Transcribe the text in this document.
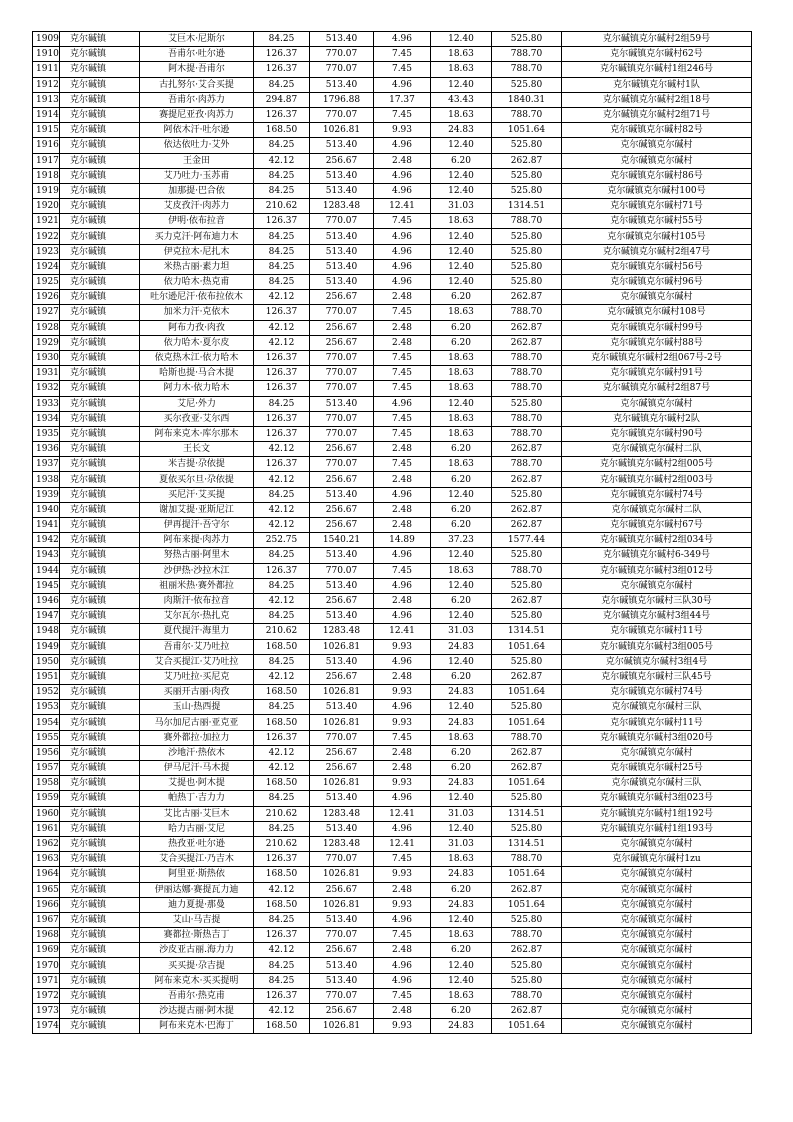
1909	克尔碱镇	艾巨木·尼斯尔	84.25	513.40	4.96	12.40	525.80	克尔碱镇克尔碱村2组59号
1910	克尔碱镇	吾甫尔·吐尔逊	126.37	770.07	7.45	18.63	788.70	克尔碱镇克尔碱村62号
1911	克尔碱镇	阿木提·吾甫尔	126.37	770.07	7.45	18.63	788.70	克尔碱镇克尔碱村1组246号
1912	克尔碱镇	古扎努尔·艾合买提	84.25	513.40	4.96	12.40	525.80	克尔碱镇克尔碱村1队
1913	克尔碱镇	吾甫尔·肉苏力	294.87	1796.88	17.37	43.43	1840.31	克尔碱镇克尔碱村2组18号
1914	克尔碱镇	赛提尼亚孜·肉苏力	126.37	770.07	7.45	18.63	788.70	克尔碱镇克尔碱村2组71号
1915	克尔碱镇	阿依木汗·吐尔逊	168.50	1026.81	9.93	24.83	1051.64	克尔碱镇克尔碱村82号
1916	克尔碱镇	依达依吐力·艾外	84.25	513.40	4.96	12.40	525.80	克尔碱镇克尔碱村
1917	克尔碱镇	王金田	42.12	256.67	2.48	6.20	262.87	克尔碱镇克尔碱村
1918	克尔碱镇	艾乃吐力·玉苏甫	84.25	513.40	4.96	12.40	525.80	克尔碱镇克尔碱村86号
1919	克尔碱镇	加那提·巴合依	84.25	513.40	4.96	12.40	525.80	克尔碱镇克尔碱村100号
1920	克尔碱镇	艾皮孜汗·肉苏力	210.62	1283.48	12.41	31.03	1314.51	克尔碱镇克尔碱村71号
1921	克尔碱镇	伊明·依布拉音	126.37	770.07	7.45	18.63	788.70	克尔碱镇克尔碱村55号
1922	克尔碱镇	买力克汗·阿布迪力木	84.25	513.40	4.96	12.40	525.80	克尔碱镇克尔碱村105号
1923	克尔碱镇	伊克拉木·尼扎木	84.25	513.40	4.96	12.40	525.80	克尔碱镇克尔碱村2组47号
1924	克尔碱镇	米热古丽·素力坦	84.25	513.40	4.96	12.40	525.80	克尔碱镇克尔碱村56号
1925	克尔碱镇	依力哈木·热克甫	84.25	513.40	4.96	12.40	525.80	克尔碱镇克尔碱村96号
1926	克尔碱镇	吐尔逊尼汗·依布拉依木	42.12	256.67	2.48	6.20	262.87	克尔碱镇克尔碱村
1927	克尔碱镇	加米力汗·克依木	126.37	770.07	7.45	18.63	788.70	克尔碱镇克尔碱村108号
1928	克尔碱镇	阿布力孜·肉孜	42.12	256.67	2.48	6.20	262.87	克尔碱镇克尔碱村99号
1929	克尔碱镇	依力哈木·夏尔皮	42.12	256.67	2.48	6.20	262.87	克尔碱镇克尔碱村88号
1930	克尔碱镇	依克热木江·依力哈木	126.37	770.07	7.45	18.63	788.70	克尔碱镇克尔碱村2组067号-2号
1931	克尔碱镇	哈斯也提·马合木提	126.37	770.07	7.45	18.63	788.70	克尔碱镇克尔碱村91号
1932	克尔碱镇	阿力木·依力哈木	126.37	770.07	7.45	18.63	788.70	克尔碱镇克尔碱村2组87号
1933	克尔碱镇	艾尼·外力	84.25	513.40	4.96	12.40	525.80	克尔碱镇克尔碱村
1934	克尔碱镇	买尔孜亚·艾尔西	126.37	770.07	7.45	18.63	788.70	克尔碱镇克尔碱村2队
1935	克尔碱镇	阿布来克木·库尔那木	126.37	770.07	7.45	18.63	788.70	克尔碱镇克尔碱村90号
1936	克尔碱镇	王长文	42.12	256.67	2.48	6.20	262.87	克尔碱镇克尔碱村二队
1937	克尔碱镇	米吉提·尕依提	126.37	770.07	7.45	18.63	788.70	克尔碱镇克尔碱村2组005号
1938	克尔碱镇	夏依买尔旦·尕依提	42.12	256.67	2.48	6.20	262.87	克尔碱镇克尔碱村2组003号
1939	克尔碱镇	买尼汗·艾买提	84.25	513.40	4.96	12.40	525.80	克尔碱镇克尔碱村74号
1940	克尔碱镇	谢加艾提·亚斯尼江	42.12	256.67	2.48	6.20	262.87	克尔碱镇克尔碱村二队
1941	克尔碱镇	伊再提汗·吾守尔	42.12	256.67	2.48	6.20	262.87	克尔碱镇克尔碱村67号
1942	克尔碱镇	阿布来提·肉苏力	252.75	1540.21	14.89	37.23	1577.44	克尔碱镇克尔碱村2组034号
1943	克尔碱镇	努热古丽·阿里木	84.25	513.40	4.96	12.40	525.80	克尔碱镇克尔碱村6-349号
1944	克尔碱镇	沙伊热·沙拉木江	126.37	770.07	7.45	18.63	788.70	克尔碱镇克尔碱村3组012号
1945	克尔碱镇	祖丽米热·赛外都拉	84.25	513.40	4.96	12.40	525.80	克尔碱镇克尔碱村
1946	克尔碱镇	肉斯汗·依布拉音	42.12	256.67	2.48	6.20	262.87	克尔碱镇克尔碱村三队30号
1947	克尔碱镇	艾尔瓦尔·热扎克	84.25	513.40	4.96	12.40	525.80	克尔碱镇克尔碱村3组44号
1948	克尔碱镇	夏代提汗·海里力	210.62	1283.48	12.41	31.03	1314.51	克尔碱镇克尔碱村11号
1949	克尔碱镇	吾甫尔·艾乃吐拉	168.50	1026.81	9.93	24.83	1051.64	克尔碱镇克尔碱村3组005号
1950	克尔碱镇	艾合买提江·艾乃吐拉	84.25	513.40	4.96	12.40	525.80	克尔碱镇克尔碱村3组4号
1951	克尔碱镇	艾乃吐拉·买尼克	42.12	256.67	2.48	6.20	262.87	克尔碱镇克尔碱村三队45号
1952	克尔碱镇	买丽开古丽·肉孜	168.50	1026.81	9.93	24.83	1051.64	克尔碱镇克尔碱村74号
1953	克尔碱镇	玉山·热西提	84.25	513.40	4.96	12.40	525.80	克尔碱镇克尔碱村三队
1954	克尔碱镇	马尔加尼古丽·亚克亚	168.50	1026.81	9.93	24.83	1051.64	克尔碱镇克尔碱村11号
1955	克尔碱镇	赛外都拉·加拉力	126.37	770.07	7.45	18.63	788.70	克尔碱镇克尔碱村3组020号
1956	克尔碱镇	沙地汗·热依木	42.12	256.67	2.48	6.20	262.87	克尔碱镇克尔碱村
1957	克尔碱镇	伊马尼汗·马木提	42.12	256.67	2.48	6.20	262.87	克尔碱镇克尔碱村25号
1958	克尔碱镇	艾提也·阿木提	168.50	1026.81	9.93	24.83	1051.64	克尔碱镇克尔碱村三队
1959	克尔碱镇	帕热丁·吉力力	84.25	513.40	4.96	12.40	525.80	克尔碱镇克尔碱村3组023号
1960	克尔碱镇	艾比古丽·艾巨木	210.62	1283.48	12.41	31.03	1314.51	克尔碱镇克尔碱村1组192号
1961	克尔碱镇	哈力古丽·艾尼	84.25	513.40	4.96	12.40	525.80	克尔碱镇克尔碱村1组193号
1962	克尔碱镇	热孜亚·吐尔逊	210.62	1283.48	12.41	31.03	1314.51	克尔碱镇克尔碱村
1963	克尔碱镇	艾合买提江·乃吉木	126.37	770.07	7.45	18.63	788.70	克尔碱镇克尔碱村1zu
1964	克尔碱镇	阿里亚·斯热依	168.50	1026.81	9.93	24.83	1051.64	克尔碱镇克尔碱村
1965	克尔碱镇	伊丽达娜·赛提瓦力迪	42.12	256.67	2.48	6.20	262.87	克尔碱镇克尔碱村
1966	克尔碱镇	迪力夏提·那曼	168.50	1026.81	9.93	24.83	1051.64	克尔碱镇克尔碱村
1967	克尔碱镇	艾山·马吉提	84.25	513.40	4.96	12.40	525.80	克尔碱镇克尔碱村
1968	克尔碱镇	赛都拉·斯热吉丁	126.37	770.07	7.45	18.63	788.70	克尔碱镇克尔碱村
1969	克尔碱镇	沙皮亚古丽.海力力	42.12	256.67	2.48	6.20	262.87	克尔碱镇克尔碱村
1970	克尔碱镇	买买提·尕吉提	84.25	513.40	4.96	12.40	525.80	克尔碱镇克尔碱村
1971	克尔碱镇	阿布来克木·买买提明	84.25	513.40	4.96	12.40	525.80	克尔碱镇克尔碱村
1972	克尔碱镇	吾甫尔·热克甫	126.37	770.07	7.45	18.63	788.70	克尔碱镇克尔碱村
1973	克尔碱镇	沙达提古丽·阿木提	42.12	256.67	2.48	6.20	262.87	克尔碱镇克尔碱村
1974	克尔碱镇	阿布来克木·巴海丁	168.50	1026.81	9.93	24.83	1051.64	克尔碱镇克尔碱村
